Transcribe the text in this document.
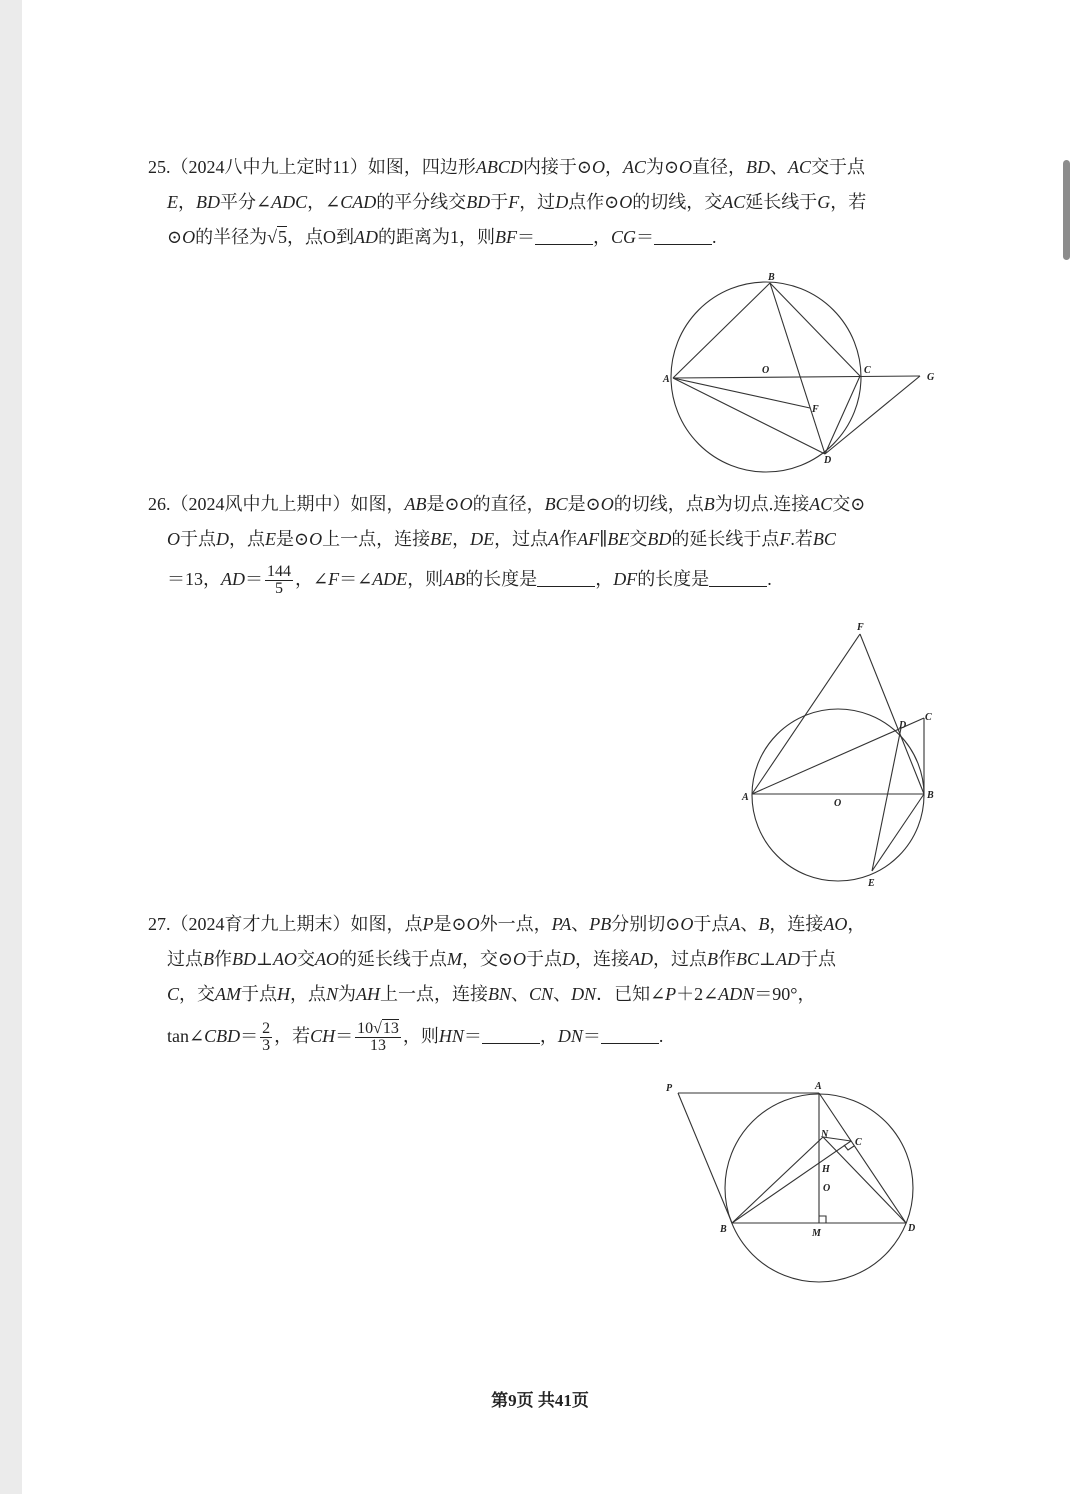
25.（2024八中九上定时11）如图，四边形ABCD内接于⊙O，AC为⊙O直径，BD、AC交于点
E，BD平分∠ADC，∠CAD的平分线交BD于F，过D点作⊙O的切线，交AC延长线于G，若
⊙O的半径为√5，点O到AD的距离为1，则BF＝	，CG＝	.
B
O	C
G
A
F
D
26.（2024风中九上期中）如图，AB是⊙O的直径，BC是⊙O的切线，点B为切点.连接AC交⊙
O于点D，点E是⊙O上一点，连接BE，DE，过点A作AF∥BE交BD的延长线于点F.若BC
＝13，$AD= \frac{144}{5}$ ，∠F＝∠ADE，则AB的长度是	，DF的长度是	.
F
D
C
A
O
B
E
27.（2024育才九上期末）如图，点P是⊙O外一点，PA、PB分别切⊙O于点A、B，连接AO，
过点B作BD⊥AO交AO的延长线于点M，交⊙O于点D，连接AD，过点B作BC⊥AD于点
C，交AM于点H，点N为AH上一点，连接BN、CN、DN．已知∠P＋2∠ADN＝90°，
tan∠CBD＝ $\frac{2}{3}$ ，若$CH= \frac{10√13}{13}$ ，则HN＝	，DN＝	.
P	A
N
C
H
O
B	M	D
第9页 共41页
